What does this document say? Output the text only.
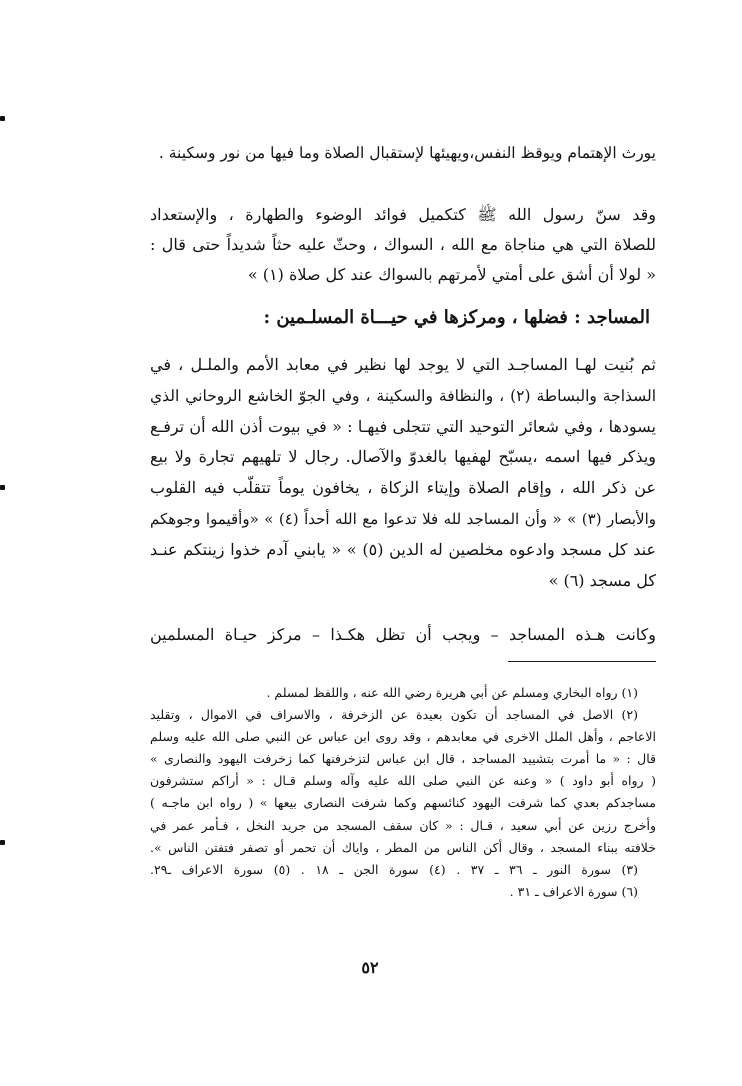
يورث الإهتمام ويوقظ النفس،ويهيئها لإستقبال الصلاة وما فيها من نور وسكينة .
وقد سنّ رسول الله ﷺ كتكميل فوائد الوضوء والطهارة ، والإستعداد
للصلاة التي هي مناجاة مع الله ، السواك ، وحثّ عليه حثاً شديداً حتى قال :
« لولا أن أشق على أمتي لأمرتهم بالسواك عند كل صلاة (١) »
المساجد : فضلها ، ومركزها في حيـــاة المسلـمين :
ثم بُنيت لهـا المساجـد التي لا يوجد لها نظير في معابد الأمم والملـل ، في
السذاجة والبساطة (٢) ، والنظافة والسكينة ، وفي الجوّ الخاشع الروحاني الذي
يسودها ، وفي شعائر التوحيد التي تتجلى فيهـا : « في بيوت أذن الله أن ترفـع
ويذكر فيها اسمه ،يسبّح لهفيها بالغدوّ والآصال. رجال لا تلهيهم تجارة ولا بيع
عن ذكر الله ، وإقام الصلاة وإيتاء الزكاة ، يخافون يوماً تتقلّب فيه القلوب
والأبصار (٣) » « وأن المساجد لله فلا تدعوا مع الله أحداً (٤) » «وأقيموا وجوهكم
عند كل مسجد وادعوه مخلصين له الدين (٥) » « يابني آدم خذوا زينتكم عنـد
كل مسجد (٦) »
وكانت هـذه المساجد – ويجب أن تظل هكـذا – مركز حيـاة المسلمين
(١) رواه البخاري ومسلم عن أبي هريرة رضي الله عنه ، واللفظ لمسلم .
(٢) الاصل في المساجد أن تكون بعيدة عن الزخرفة ، والاسراف في الاموال ، وتقليد
الاعاجم ، وأهل الملل الاخرى في معابدهم ، وقد روى ابن عباس عن النبي صلى الله عليه وسلم
قال : « ما أمرت بتشييد المساجد ، قال ابن عباس لتزخرفنها كما زخرفت اليهود والنصارى »
( رواه أبو داود ) « وعنه عن النبي صلى الله عليه وآله وسلم قـال : « أراكم ستشرفون
مساجدكم بعدي كما شرفت اليهود كنائسهم وكما شرفت النصارى بيعها » ( رواه ابن ماجـه )
وأخرج رزين عن أبي سعيد ، قـال : « كان سقف المسجد من جريد النخل ، فـأمر عمر في
خلافته ببناء المسجد ، وقال أكن الناس من المطر ، واياك أن تحمر أو تصفر فتفتن الناس ».
(٣) سورة النور ـ ٣٦ ـ ٣٧ . (٤) سورة الجن ـ ١٨ . (٥) سورة الاعراف ـ٢٩.
(٦) سورة الاعراف ـ ٣١ .
٥٢
